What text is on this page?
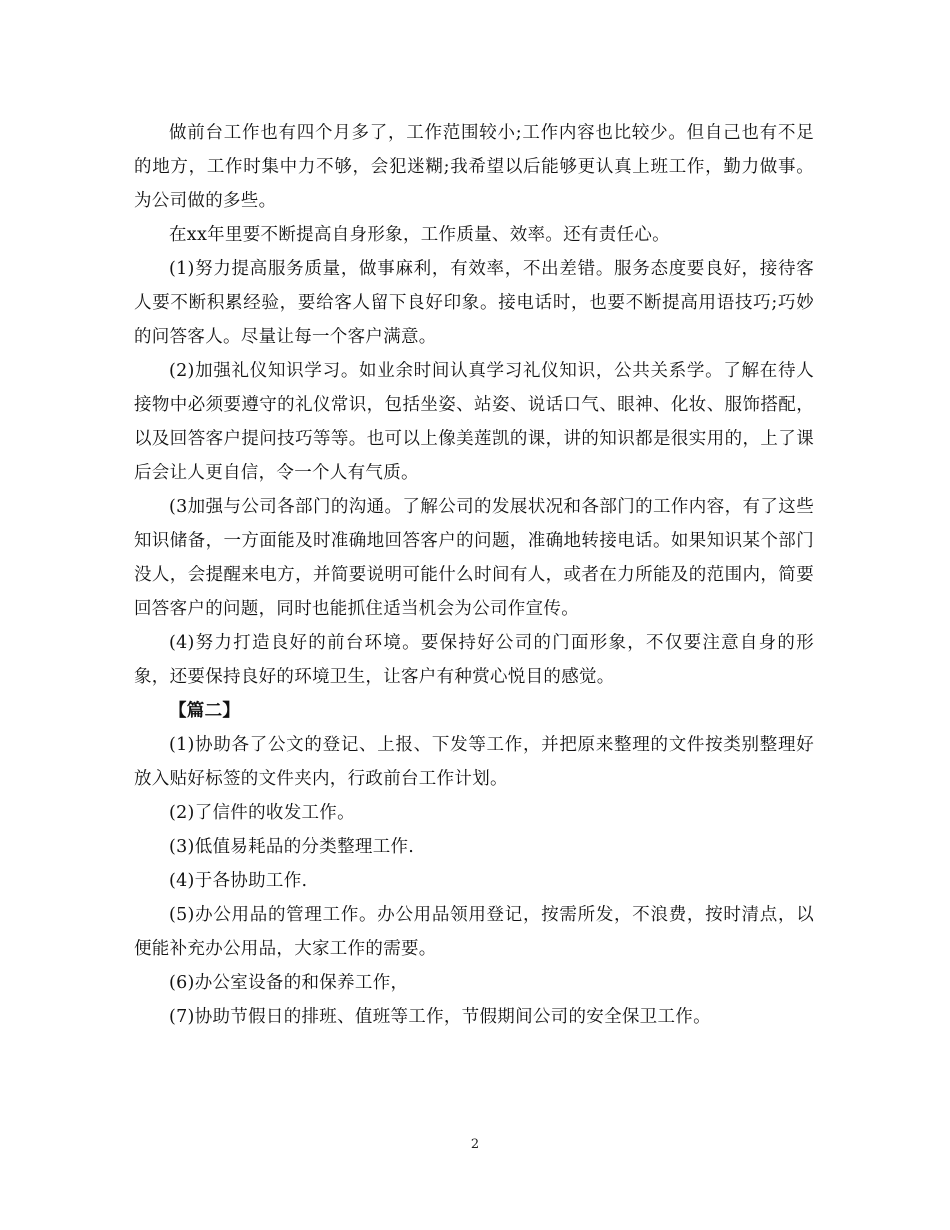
做前台工作也有四个月多了，工作范围较小;工作内容也比较少。但自己也有不足的地方，工作时集中力不够，会犯迷糊;我希望以后能够更认真上班工作，勤力做事。为公司做的多些。

在xx年里要不断提高自身形象，工作质量、效率。还有责任心。

(1)努力提高服务质量，做事麻利，有效率，不出差错。服务态度要良好，接待客人要不断积累经验，要给客人留下良好印象。接电话时，也要不断提高用语技巧;巧妙的问答客人。尽量让每一个客户满意。

(2)加强礼仪知识学习。如业余时间认真学习礼仪知识，公共关系学。了解在待人接物中必须要遵守的礼仪常识，包括坐姿、站姿、说话口气、眼神、化妆、服饰搭配，以及回答客户提问技巧等等。也可以上像美莲凯的课，讲的知识都是很实用的，上了课后会让人更自信，令一个人有气质。

(3加强与公司各部门的沟通。了解公司的发展状况和各部门的工作内容，有了这些知识储备，一方面能及时准确地回答客户的问题，准确地转接电话。如果知识某个部门没人，会提醒来电方，并简要说明可能什么时间有人，或者在力所能及的范围内，简要回答客户的问题，同时也能抓住适当机会为公司作宣传。

(4)努力打造良好的前台环境。要保持好公司的门面形象，不仅要注意自身的形象，还要保持良好的环境卫生，让客户有种赏心悦目的感觉。

【篇二】

(1)协助各了公文的登记、上报、下发等工作，并把原来整理的文件按类别整理好放入贴好标签的文件夹内，行政前台工作计划。

(2)了信件的收发工作。

(3)低值易耗品的分类整理工作.

(4)于各协助工作.

(5)办公用品的管理工作。办公用品领用登记，按需所发，不浪费，按时清点，以便能补充办公用品，大家工作的需要。

(6)办公室设备的和保养工作，

(7)协助节假日的排班、值班等工作，节假期间公司的安全保卫工作。

2
